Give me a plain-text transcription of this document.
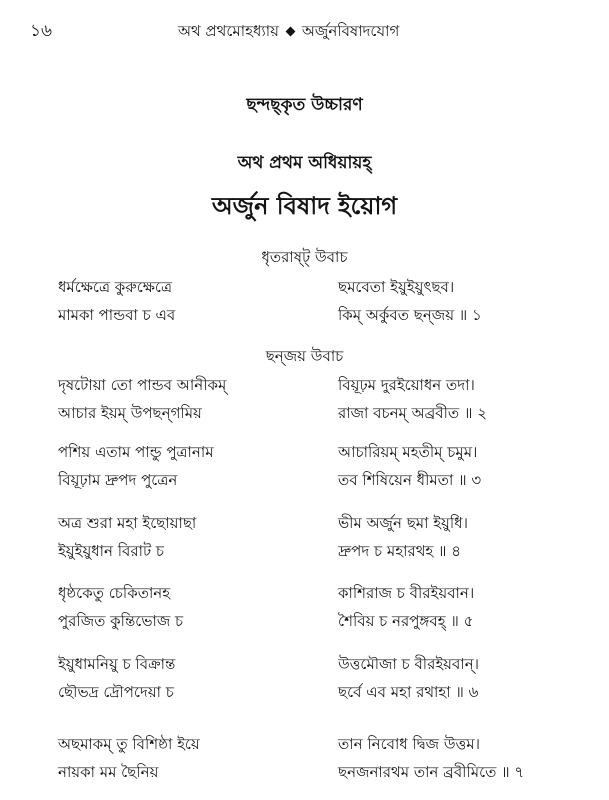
১৬	অথ প্রথমোহধ্যায় অর্জুনবিষাদযোগ
ছন্দছ্কৃত উচ্চারণ
অথ প্রথম অধিয়ায়হ্
অর্জুন বিষাদ ইয়োগ
ধৃতরাষ্ট্ উবাচ
ধর্মক্ষেত্রে কুরুক্ষেত্রে	ছমবেতা ইয়ুইয়ুৎছব।
মামকা পান্ডবা চ এব	কিম্ অর্কুবত ছন্জয় ॥ ১
ছন্জয় উবাচ
দৃষটোয়া তো পান্ডব আনীকম্	বিয়ূঢ়ম দুরইয়োধন তদা।
আচার ইয়ম্ উপছন্গমিয়	রাজা বচনম্ অব্রবীত ॥ ২
পশিয় এতাম পান্ডু পুত্রানাম	আচারিয়ম্ মহতীম্ চমুম।
বিয়ূঢ়াম দ্রুপদ পুত্রেন	তব শিষিয়েন ধীমতা ॥ ৩
অত্র শুরা মহা ইছোয়াছা	ভীম অর্জুন ছমা ইয়ুধি।
ইয়ুইয়ুধান বিরাট চ	দ্রুপদ চ মহারথহ ॥ ৪
ধৃষ্ঠকেতু চেকিতানহ	কাশিরাজ চ বীরইয়বান।
পুরজিত কুন্তিভোজ চ	শৈবিয় চ নরপুঙ্গবহ্ ॥ ৫
ইয়ুধামনিয়ু চ বিক্রান্ত	উত্তমৌজা চ বীরইয়বান্।
ছৌভদ্র দ্রৌপদেয়া চ	ছর্বে এব মহা রথাহা ॥ ৬
অছমাকম্ তু বিশিষ্ঠা ইয়ে	তান নিবোধ দ্বিজ উত্তম।
নায়কা মম ছৈনিয়	ছনজনারথম তান ব্রবীমিতে ॥ ৭
